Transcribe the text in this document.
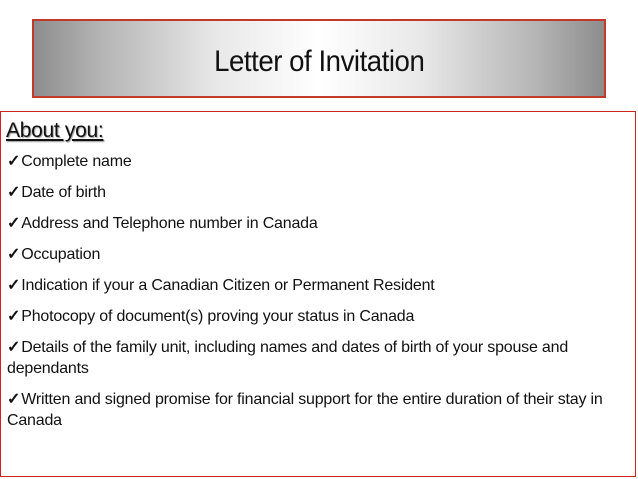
Letter of Invitation
About you:
✓Complete name
✓Date of birth
✓Address and Telephone number in Canada
✓Occupation
✓Indication if your a Canadian Citizen or Permanent Resident
✓Photocopy of document(s) proving your status in Canada
✓Details of the family unit, including names and dates of birth of your spouse and dependants
✓Written and signed promise for financial support for the entire duration of their stay in Canada
